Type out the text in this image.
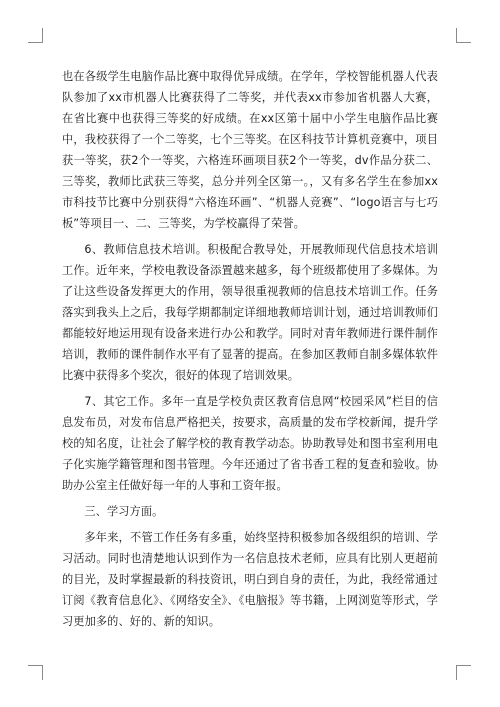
也在各级学生电脑作品比赛中取得优异成绩。在学年，学校智能机器人代表队参加了xx市机器人比赛获得了二等奖，并代表xx市参加省机器人大赛，在省比赛中也获得三等奖的好成绩。在xx区第十届中小学生电脑作品比赛中，我校获得了一个二等奖，七个三等奖。在区科技节计算机竞赛中，项目获一等奖，获2个一等奖，六格连环画项目获2个一等奖，dv作品分获二、三等奖，教师比武获三等奖，总分并列全区第一。，又有多名学生在参加xx市科技节比赛中分别获得“六格连环画”、“机器人竞赛”、“logo语言与七巧板”等项目一、二、三等奖，为学校赢得了荣誉。

6、教师信息技术培训。积极配合教导处，开展教师现代信息技术培训工作。近年来，学校电教设备添置越来越多，每个班级都使用了多媒体。为了让这些设备发挥更大的作用，领导很重视教师的信息技术培训工作。任务落实到我头上之后，我每学期都制定详细地教师培训计划，通过培训教师们都能较好地运用现有设备来进行办公和教学。同时对青年教师进行课件制作培训，教师的课件制作水平有了显著的提高。在参加区教师自制多媒体软件比赛中获得多个奖次，很好的体现了培训效果。

7、其它工作。多年一直是学校负责区教育信息网“校园采风”栏目的信息发布员，对发布信息严格把关，按要求，高质量的发布学校新闻，提升学校的知名度，让社会了解学校的教育教学动态。协助教导处和图书室利用电子化实施学籍管理和图书管理。今年还通过了省书香工程的复查和验收。协助办公室主任做好每一年的人事和工资年报。

三、学习方面。

多年来，不管工作任务有多重，始终坚持积极参加各级组织的培训、学习活动。同时也清楚地认识到作为一名信息技术老师，应具有比别人更超前的目光，及时掌握最新的科技资讯，明白到自身的责任，为此，我经常通过订阅《教育信息化》、《网络安全》、《电脑报》等书籍，上网浏览等形式，学习更加多的、好的、新的知识。
